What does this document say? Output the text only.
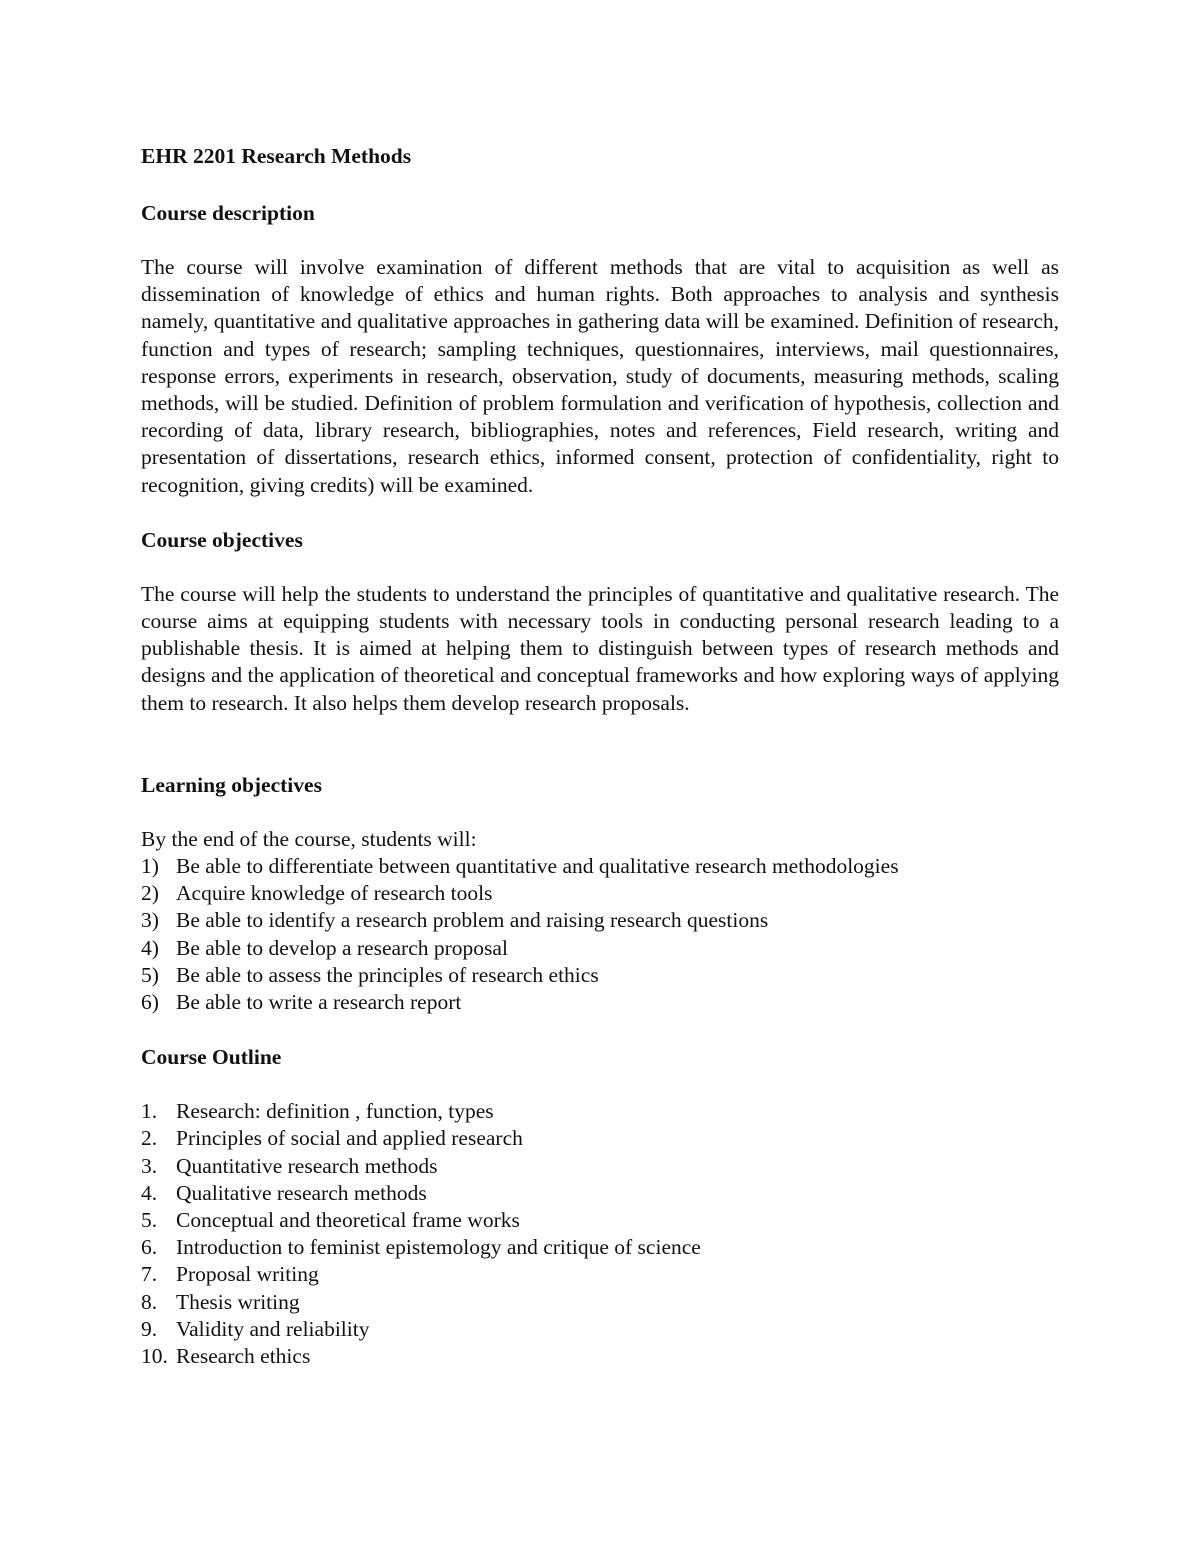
EHR 2201 Research Methods
Course description

The course will involve examination of different methods that are vital to acquisition as well as dissemination of knowledge of ethics and human rights. Both approaches to analysis and synthesis namely, quantitative and qualitative approaches in gathering data will be examined. Definition of research, function and types of research; sampling techniques, questionnaires, interviews, mail questionnaires, response errors, experiments in research, observation, study of documents, measuring methods, scaling methods, will be studied. Definition of problem formulation and verification of hypothesis, collection and recording of data, library research, bibliographies, notes and references, Field research, writing and presentation of dissertations, research ethics, informed consent, protection of confidentiality, right to recognition, giving credits) will be examined.

Course objectives

The course will help the students to understand the principles of quantitative and qualitative research. The course aims at equipping students with necessary tools in conducting personal research leading to a publishable thesis. It is aimed at helping them to distinguish between types of research methods and designs and the application of theoretical and conceptual frameworks and how exploring ways of applying them to research. It also helps them develop research proposals.

Learning objectives

By the end of the course, students will:

1) Be able to differentiate between quantitative and qualitative research methodologies
2) Acquire knowledge of research tools
3) Be able to identify a research problem and raising research questions
4) Be able to develop a research proposal
5) Be able to assess the principles of research ethics
6) Be able to write a research report
Course Outline
1. Research: definition , function, types
2. Principles of social and applied research
3. Quantitative research methods
4. Qualitative research methods
5. Conceptual and theoretical frame works
6. Introduction to feminist epistemology and critique of science
7. Proposal writing
8. Thesis writing
9. Validity and reliability
10. Research ethics
